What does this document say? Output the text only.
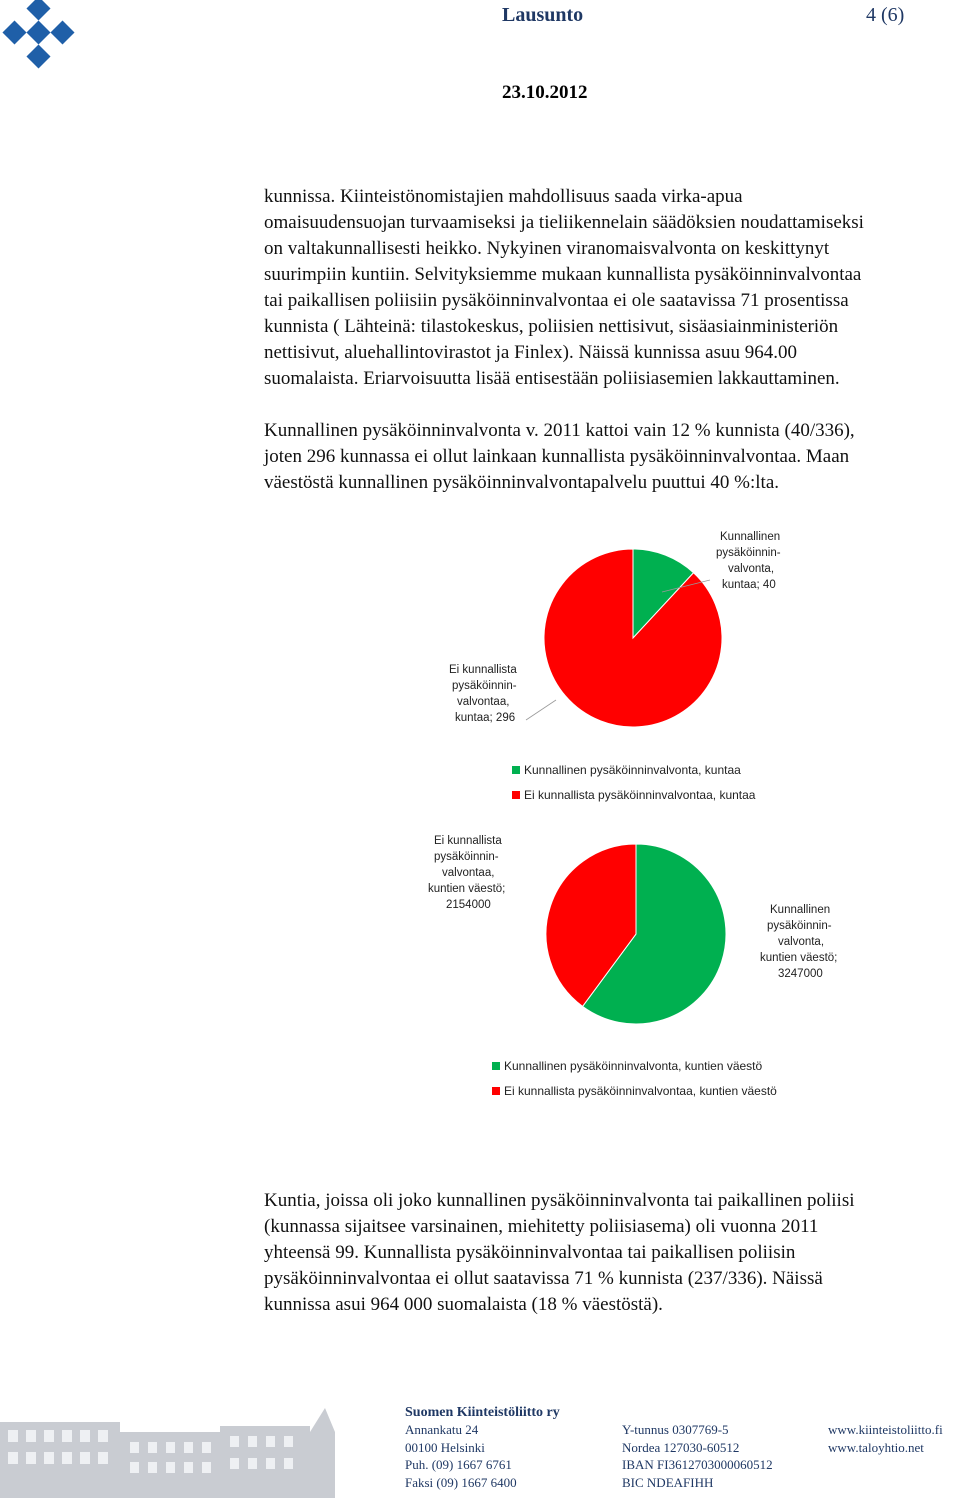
Lausunto	4 (6)
23.10.2012
kunnissa. Kiinteistönomistajien mahdollisuus saada virka-apua
omaisuudensuojan turvaamiseksi ja tieliikennelain säädöksien noudattamiseksi
on valtakunnallisesti heikko. Nykyinen viranomaisvalvonta on keskittynyt
suurimpiin kuntiin. Selvityksiemme mukaan kunnallista pysäköinninvalvontaa
tai paikallisen poliisiin pysäköinninvalvontaa ei ole saatavissa 71 prosentissa
kunnista ( Lähteinä: tilastokeskus, poliisien nettisivut, sisäasiainministeriön
nettisivut, aluehallintovirastot ja Finlex). Näissä kunnissa asuu 964.00
suomalaista. Eriarvoisuutta lisää entisestään poliisiasemien lakkauttaminen.
Kunnallinen pysäköinninvalvonta v. 2011 kattoi vain 12 % kunnista (40/336),
joten 296 kunnassa ei ollut lainkaan kunnallista pysäköinninvalvontaa. Maan
väestöstä kunnallinen pysäköinninvalvontapalvelu puuttui 40 %:lta.
Kunnallinen pysäköinnin- valvonta, kuntaa; 40
Ei kunnallista pysäköinnin- valvontaa, kuntaa; 296
Kunnallinen pysäköinninvalvonta, kuntaa
Ei kunnallista pysäköinninvalvontaa, kuntaa
Ei kunnallista pysäköinnin- valvontaa, kuntien väestö; 2154000	Kunnallinen pysäköinnin- valvonta, kuntien väestö; 3247000
Kunnallinen pysäköinninvalvonta, kuntien väestö
Ei kunnallista pysäköinninvalvontaa, kuntien väestö
Kuntia, joissa oli joko kunnallinen pysäköinninvalvonta tai paikallinen poliisi
(kunnassa sijaitsee varsinainen, miehitetty poliisiasema) oli vuonna 2011
yhteensä 99. Kunnallista pysäköinninvalvontaa tai paikallisen poliisin
pysäköinninvalvontaa ei ollut saatavissa 71 % kunnista (237/336). Näissä
kunnissa asui 964 000 suomalaista (18 % väestöstä).
Suomen Kiinteistöliitto ry
Annankatu 24
00100 Helsinki
Puh. (09) 1667 6761
Faksi (09) 1667 6400
Y-tunnus 0307769-5
Nordea 127030-60512
IBAN FI3612703000060512
BIC NDEAFIHH
www.kiinteistoliitto.fi
www.taloyhtio.net
